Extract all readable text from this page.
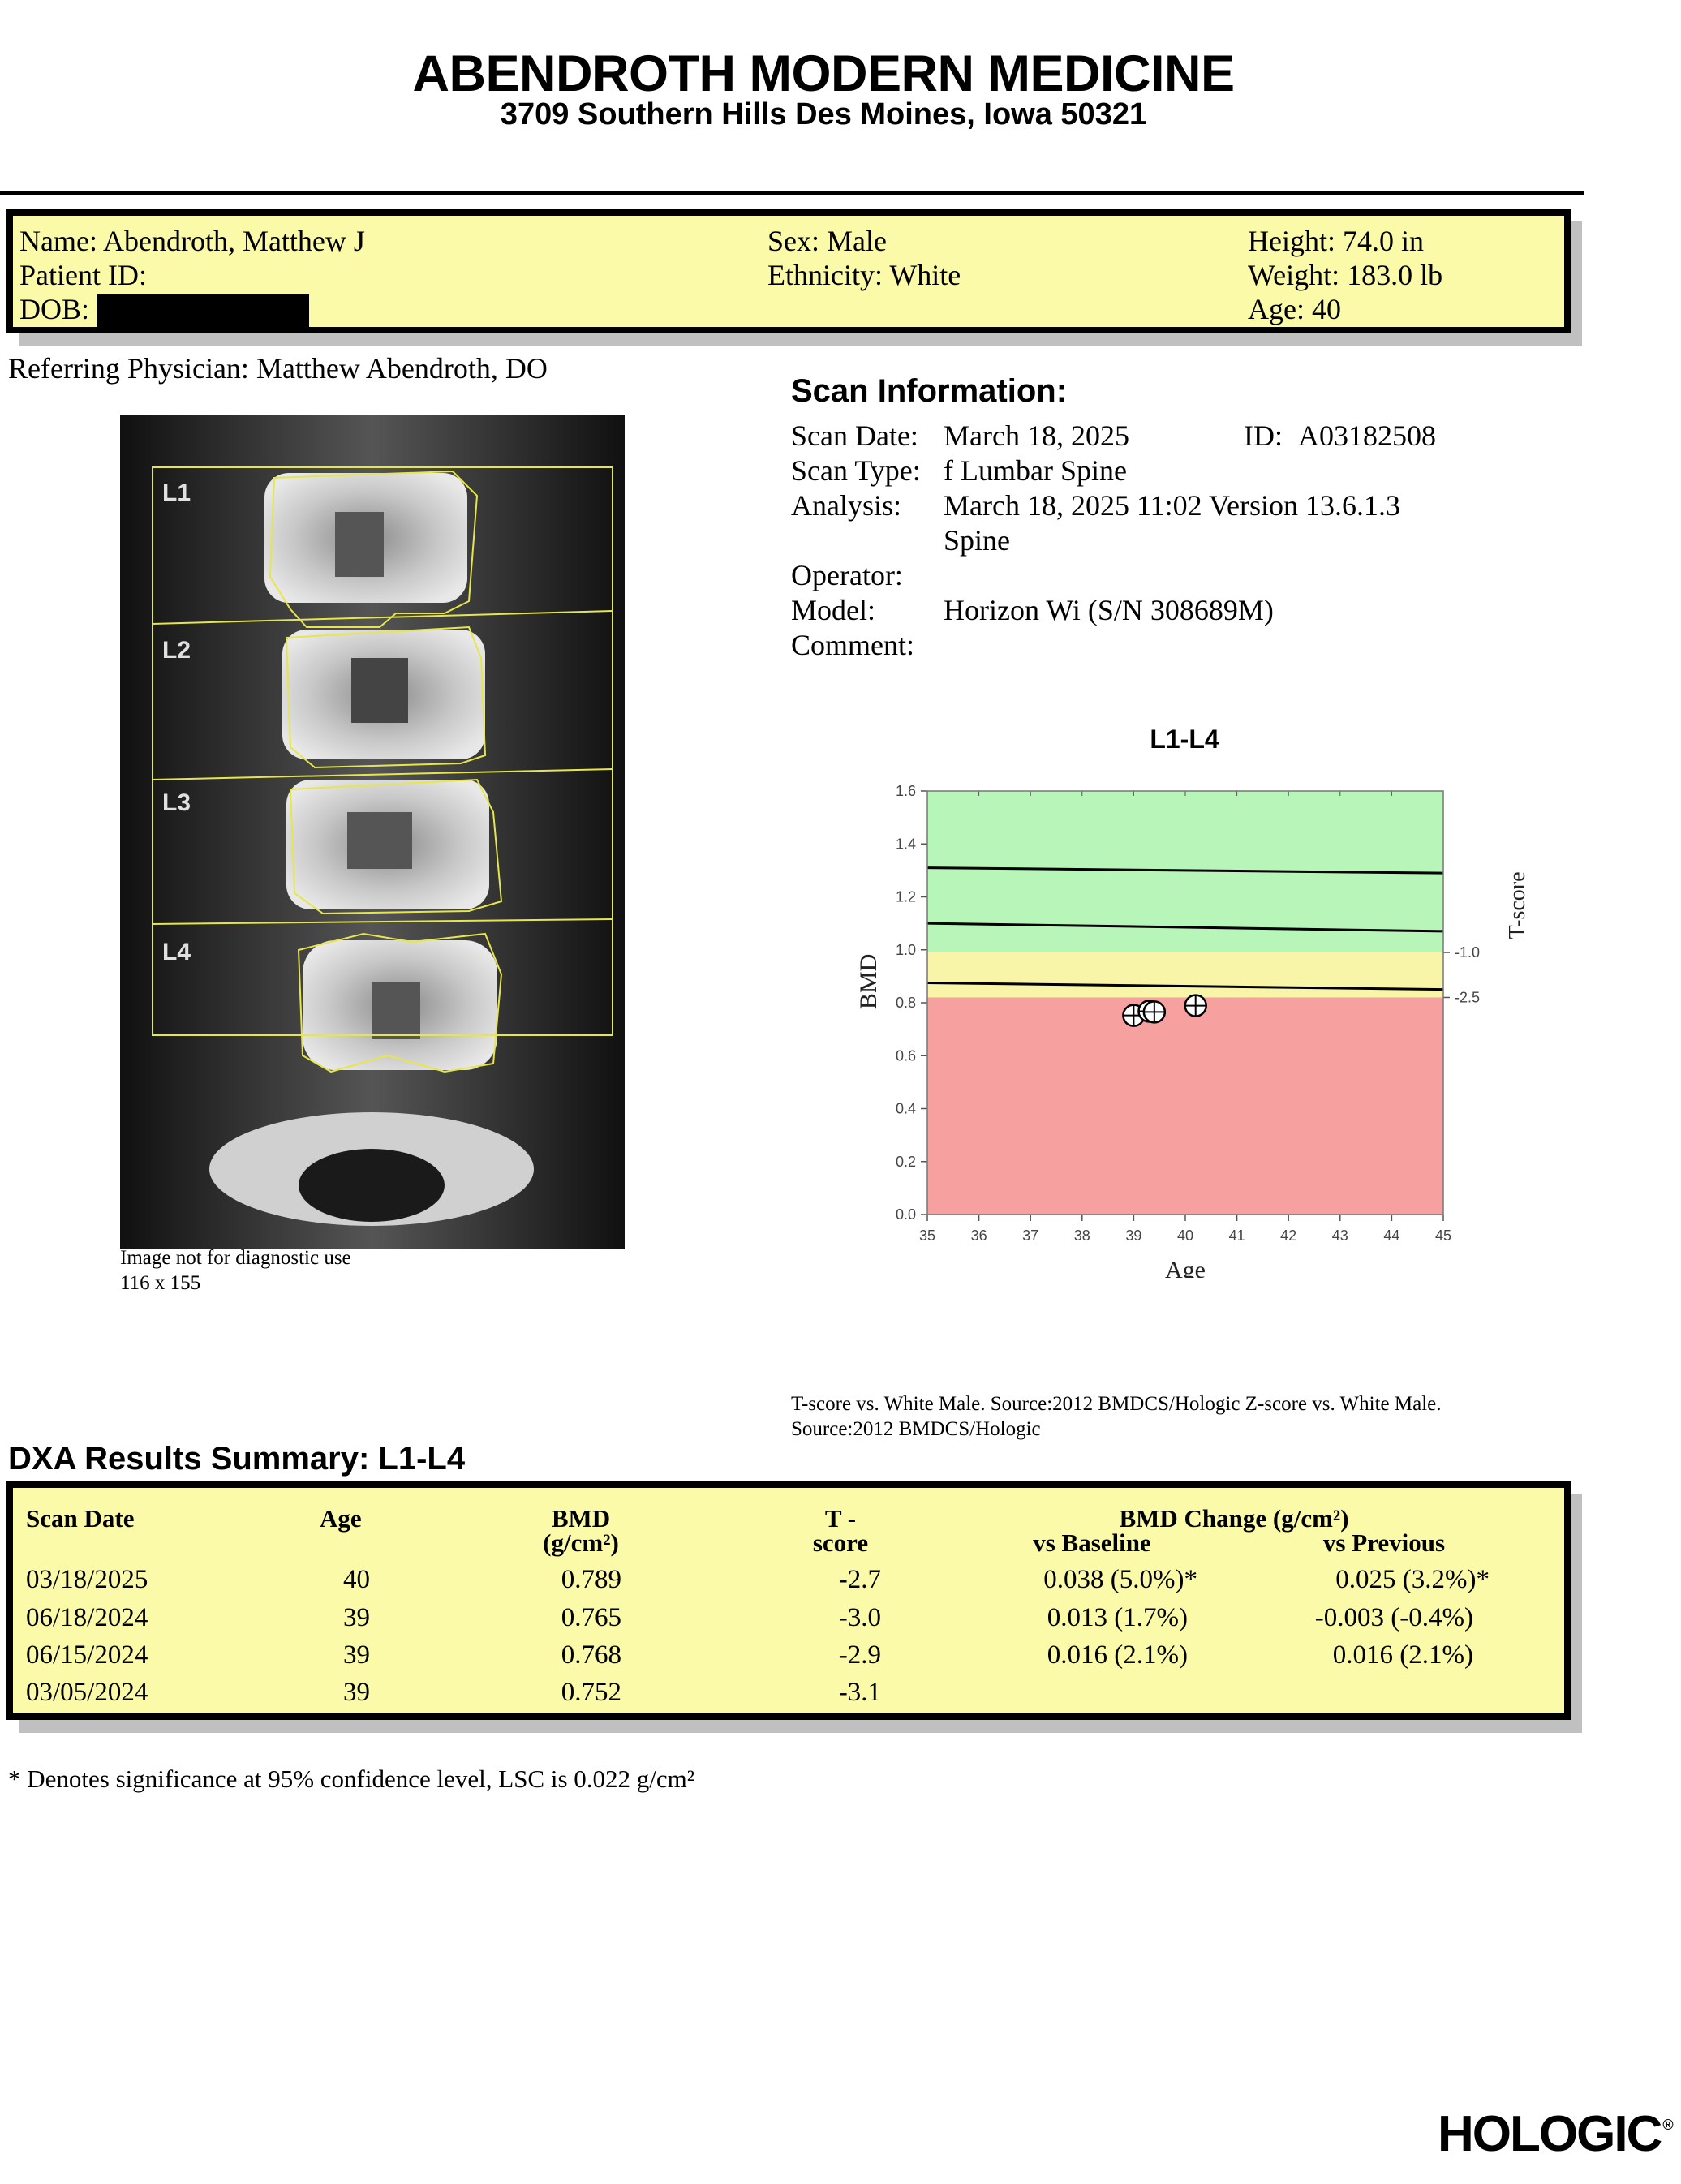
ABENDROTH MODERN MEDICINE
3709 Southern Hills Des Moines, Iowa 50321
Name: Abendroth, Matthew J
Patient ID:
DOB:
Sex: Male
Ethnicity: White
Height: 74.0 in
Weight: 183.0 lb
Age: 40
Referring Physician: Matthew Abendroth, DO
L1
L2
L3
L4
Image not for diagnostic use
116 x 155
Scan Information:
Scan Date: March 18, 2025	ID: A03182508
Scan Type: f Lumbar Spine
Analysis: March 18, 2025 11:02 Version 13.6.1.3
Spine
Operator:
Model: Horizon Wi (S/N 308689M)
Comment:
L1-L4
35 36 37 38 39 40 41 42 43 44 45
0.0
0.2
0.4
0.6
0.8
1.0
1.2
1.4
1.6
-1.0
-2.5
Age
BMD
T-score
T-score vs. White Male. Source:2012 BMDCS/Hologic Z-score vs. White Male. Source:2012 BMDCS/Hologic
DXA Results Summary: L1-L4
Scan Date	Age	BMD
(g/cm²)
T -
score
BMD Change (g/cm²)
vs Baseline	vs Previous
03/18/2025	40	0.789	-2.7	0.038 (5.0%)*	0.025 (3.2%)*
06/18/2024	39	0.765	-3.0	0.013 (1.7%)	-0.003 (-0.4%)
06/15/2024	39	0.768	-2.9	0.016 (2.1%)	0.016 (2.1%)
03/05/2024	39	0.752	-3.1
* Denotes significance at 95% confidence level, LSC is 0.022 g/cm²
HOLOGIC ®
